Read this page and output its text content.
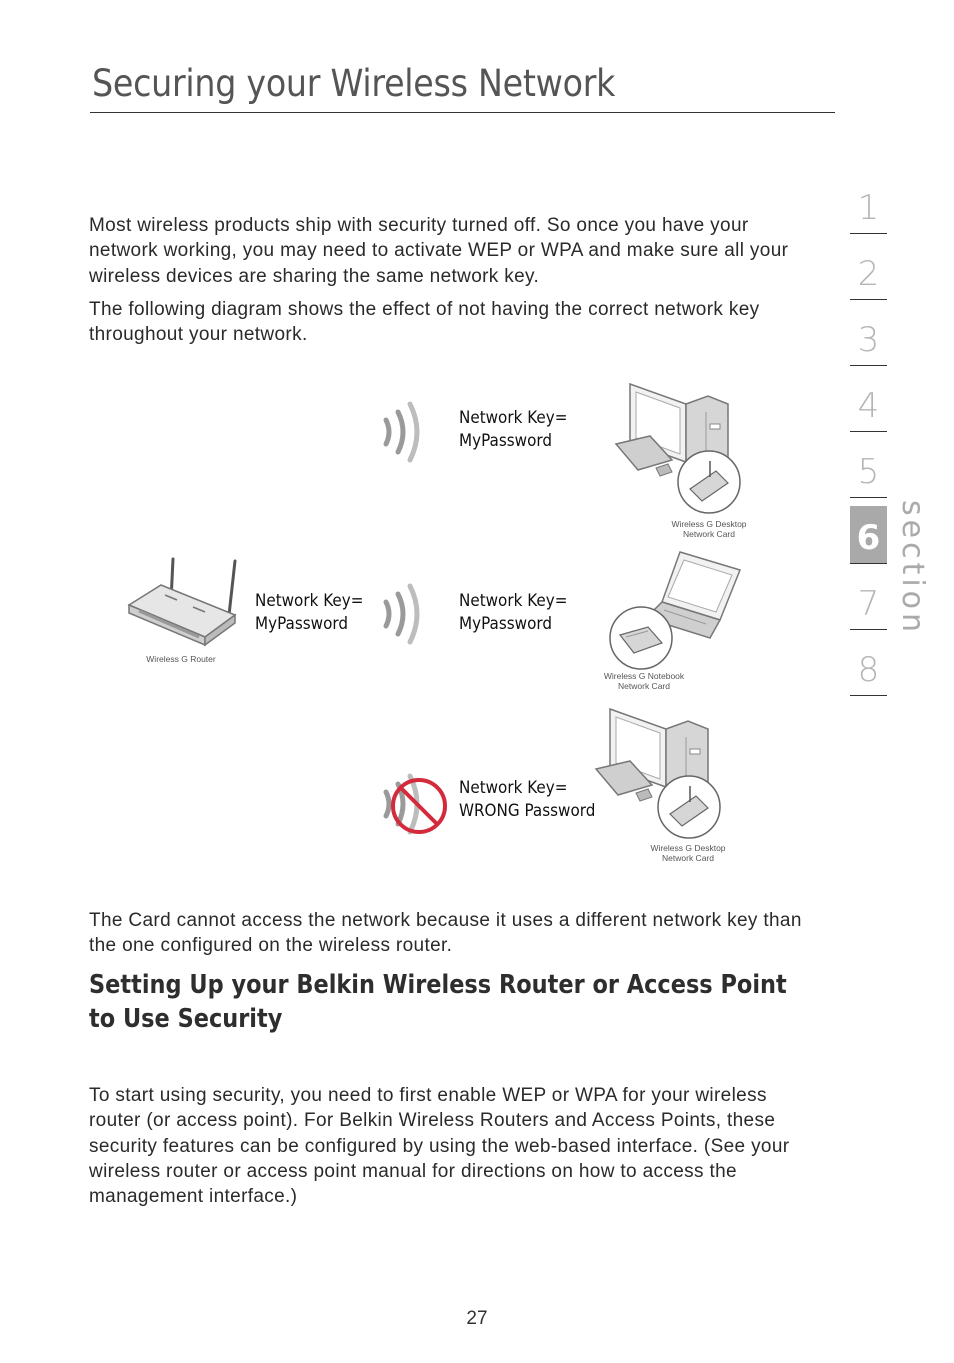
Securing your Wireless Network
1
2
3
4
5
6
7
8
section

Most wireless products ship with security turned off. So once you have your network working, you may need to activate WEP or WPA and make sure all your wireless devices are sharing the same network key.

The following diagram shows the effect of not having the correct network key throughout your network.

Wireless G Router
Network Key=
MyPassword
Network Key=
MyPassword
Wireless G Desktop
Network Card
Network Key=
MyPassword
Wireless G Notebook
Network Card
Network Key=
WRONG Password
Wireless G Desktop
Network Card

The Card cannot access the network because it uses a different network key than the one configured on the wireless router.

Setting Up your Belkin Wireless Router or Access Point to Use Security

To start using security, you need to first enable WEP or WPA for your wireless router (or access point). For Belkin Wireless Routers and Access Points, these security features can be configured by using the web-based interface. (See your wireless router or access point manual for directions on how to access the management interface.)

27
